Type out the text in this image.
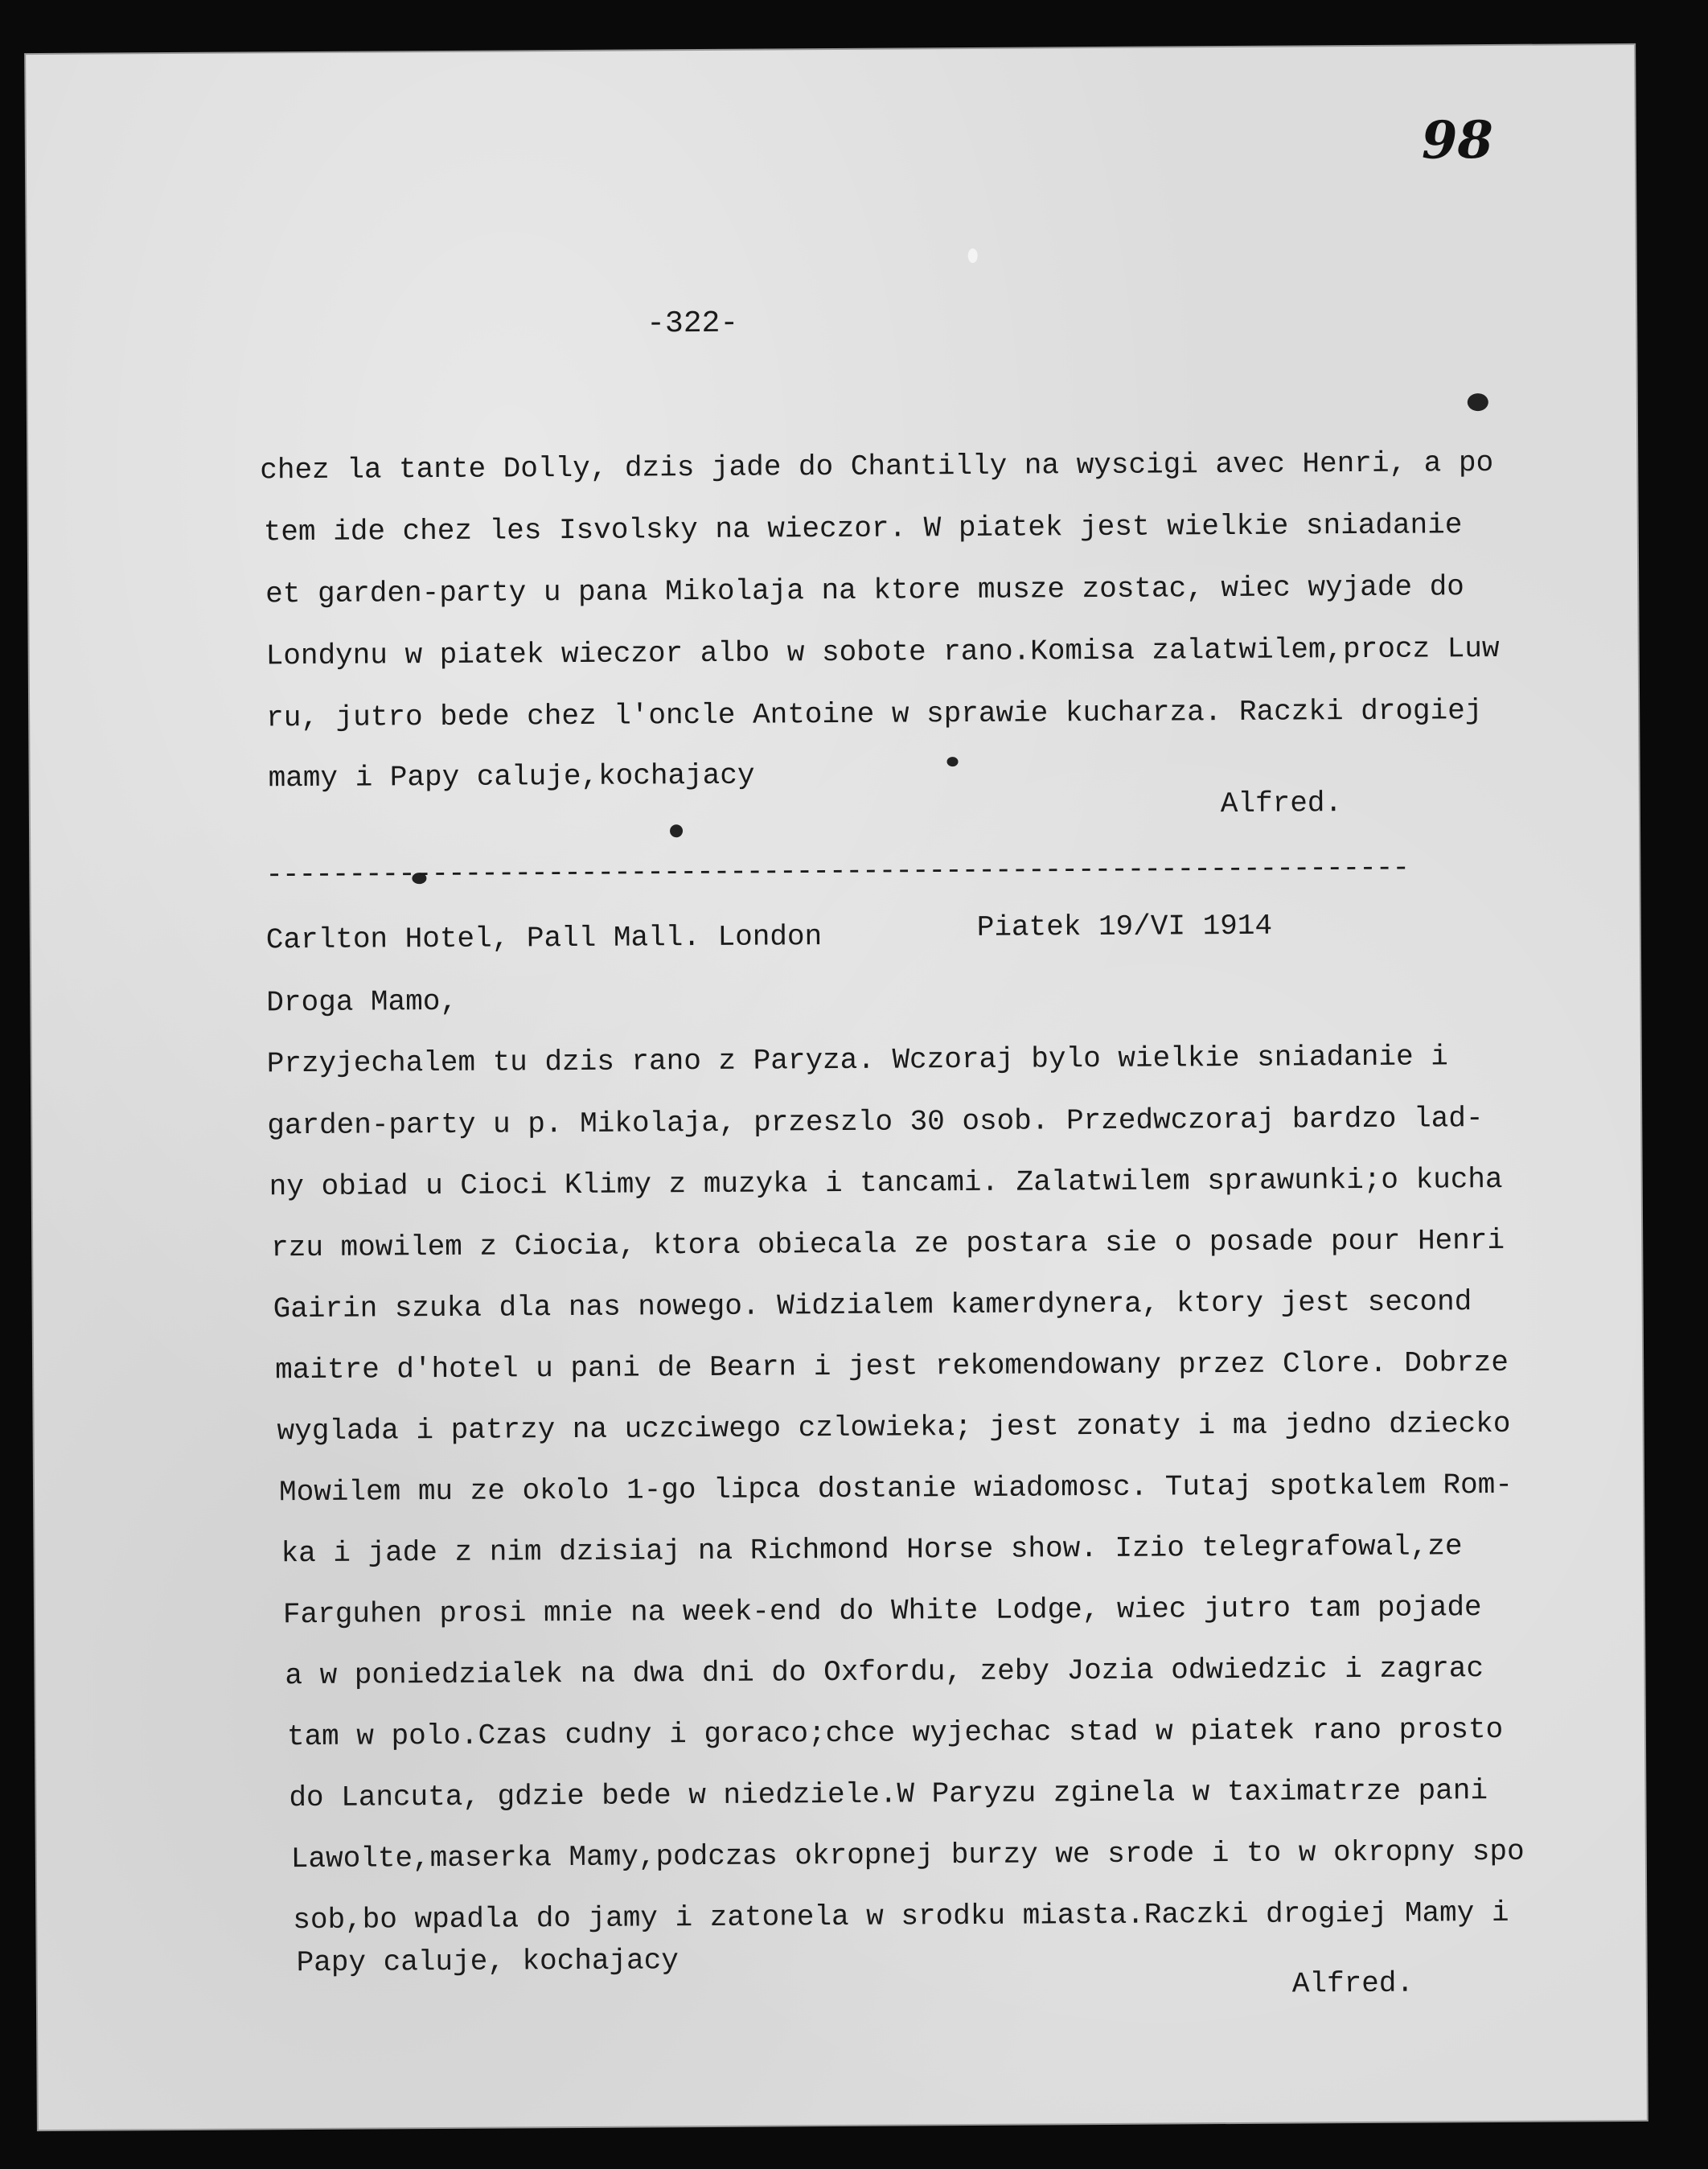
98
-322-

chez la tante Dolly, dzis jade do Chantilly na wyscigi avec Henri, a po

tem ide chez les Isvolsky na wieczor. W piatek jest wielkie sniadanie

et garden-party u pana Mikolaja na ktore musze zostac, wiec wyjade do

Londynu w piatek wieczor albo w sobote rano.Komisa zalatwilem,procz Luw

ru, jutro bede chez l'oncle Antoine w sprawie kucharza. Raczki drogiej

mamy i Papy caluje,kochajacy

Alfred.
---------------------------------------------------------------------
Carlton Hotel, Pall Mall. London	Piatek 19/VI 1914
Droga Mamo,

Przyjechalem tu dzis rano z Paryza. Wczoraj bylo wielkie sniadanie i

garden-party u p. Mikolaja, przeszlo 30 osob. Przedwczoraj bardzo lad-

ny obiad u Cioci Klimy z muzyka i tancami. Zalatwilem sprawunki;o kucha

rzu mowilem z Ciocia, ktora obiecala ze postara sie o posade pour Henri

Gairin szuka dla nas nowego. Widzialem kamerdynera, ktory jest second

maitre d'hotel u pani de Bearn i jest rekomendowany przez Clore. Dobrze

wyglada i patrzy na uczciwego czlowieka; jest zonaty i ma jedno dziecko

Mowilem mu ze okolo 1-go lipca dostanie wiadomosc. Tutaj spotkalem Rom-

ka i jade z nim dzisiaj na Richmond Horse show. Izio telegrafowal,ze

Farguhen prosi mnie na week-end do White Lodge, wiec jutro tam pojade

a w poniedzialek na dwa dni do Oxfordu, zeby Jozia odwiedzic i zagrac

tam w polo.Czas cudny i goraco;chce wyjechac stad w piatek rano prosto

do Lancuta, gdzie bede w niedziele.W Paryzu zginela w taximatrze pani

Lawolte,maserka Mamy,podczas okropnej burzy we srode i to w okropny spo

sob,bo wpadla do jamy i zatonela w srodku miasta.Raczki drogiej Mamy i

Papy caluje, kochajacy

Alfred.
